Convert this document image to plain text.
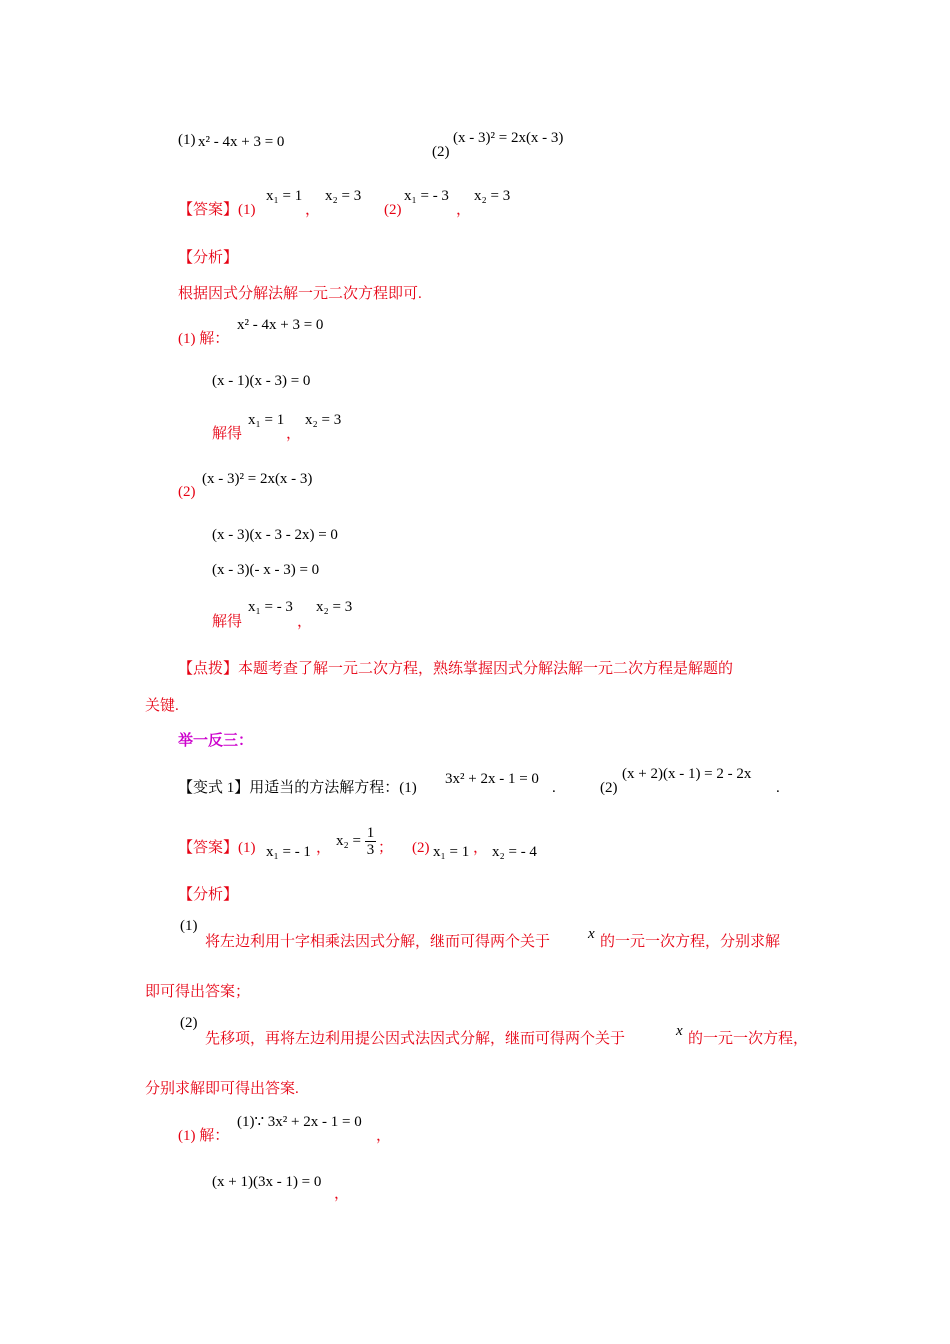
(1) x² - 4x + 3 = 0
(2)
(x - 3)² = 2x(x - 3)
【答案】(1)
x₁ = 1
，
x₂ = 3
(2)
x₁ = - 3
，
x₂ = 3
【分析】
根据因式分解法解一元二次方程即可.
(1) 解：
x² - 4x + 3 = 0
(x - 1)(x - 3) = 0
解得
x₁ = 1
，
x₂ = 3
(2)
(x - 3)² = 2x(x - 3)
(x - 3)(x - 3 - 2x) = 0
(x - 3)(- x - 3) = 0
解得
x₁ = - 3
，
x₂ = 3
【点拨】本题考查了解一元二次方程，熟练掌握因式分解法解一元二次方程是解题的
关键.
举一反三：
【变式 1】用适当的方法解方程：(1)
3x² + 2x - 1 = 0
.	(2)
(x + 2)(x - 1) = 2 - 2x
.
【答案】(1) x₁ = - 1 ， $x_2 = \frac{1}{3}$ ； (2) x₁ = 1 ， x₂ = - 4
【分析】
(1)
将左边利用十字相乘法因式分解，继而可得两个关于	x 的一元一次方程，分别求解
即可得出答案；
(2)
先移项，再将左边利用提公因式法因式分解，继而可得两个关于	x 的一元一次方程，
分别求解即可得出答案.
(1) 解：
(1)∵ 3x² + 2x - 1 = 0
，
(x + 1)(3x - 1) = 0
，
